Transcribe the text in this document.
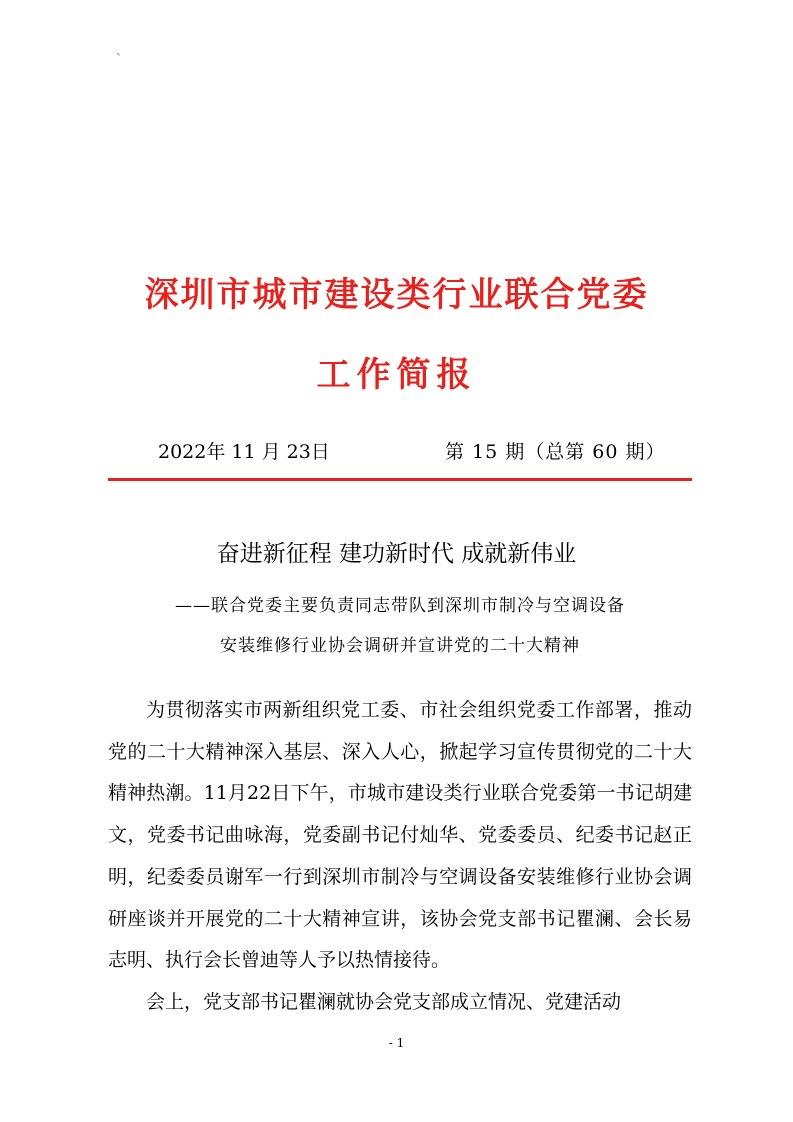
`
深圳市城市建设类行业联合党委
工作简报
2022年 11 月 23日	第 15 期（总第 60 期）
奋进新征程 建功新时代 成就新伟业
——联合党委主要负责同志带队到深圳市制冷与空调设备
安装维修行业协会调研并宣讲党的二十大精神

为贯彻落实市两新组织党工委、市社会组织党委工作部署，推动党的二十大精神深入基层、深入人心，掀起学习宣传贯彻党的二十大精神热潮。11月22日下午，市城市建设类行业联合党委第一书记胡建文，党委书记曲咏海，党委副书记付灿华、党委委员、纪委书记赵正明，纪委委员谢军一行到深圳市制冷与空调设备安装维修行业协会调研座谈并开展党的二十大精神宣讲，该协会党支部书记瞿澜、会长易志明、执行会长曾迪等人予以热情接待。

会上，党支部书记瞿澜就协会党支部成立情况、党建活动

- 1
